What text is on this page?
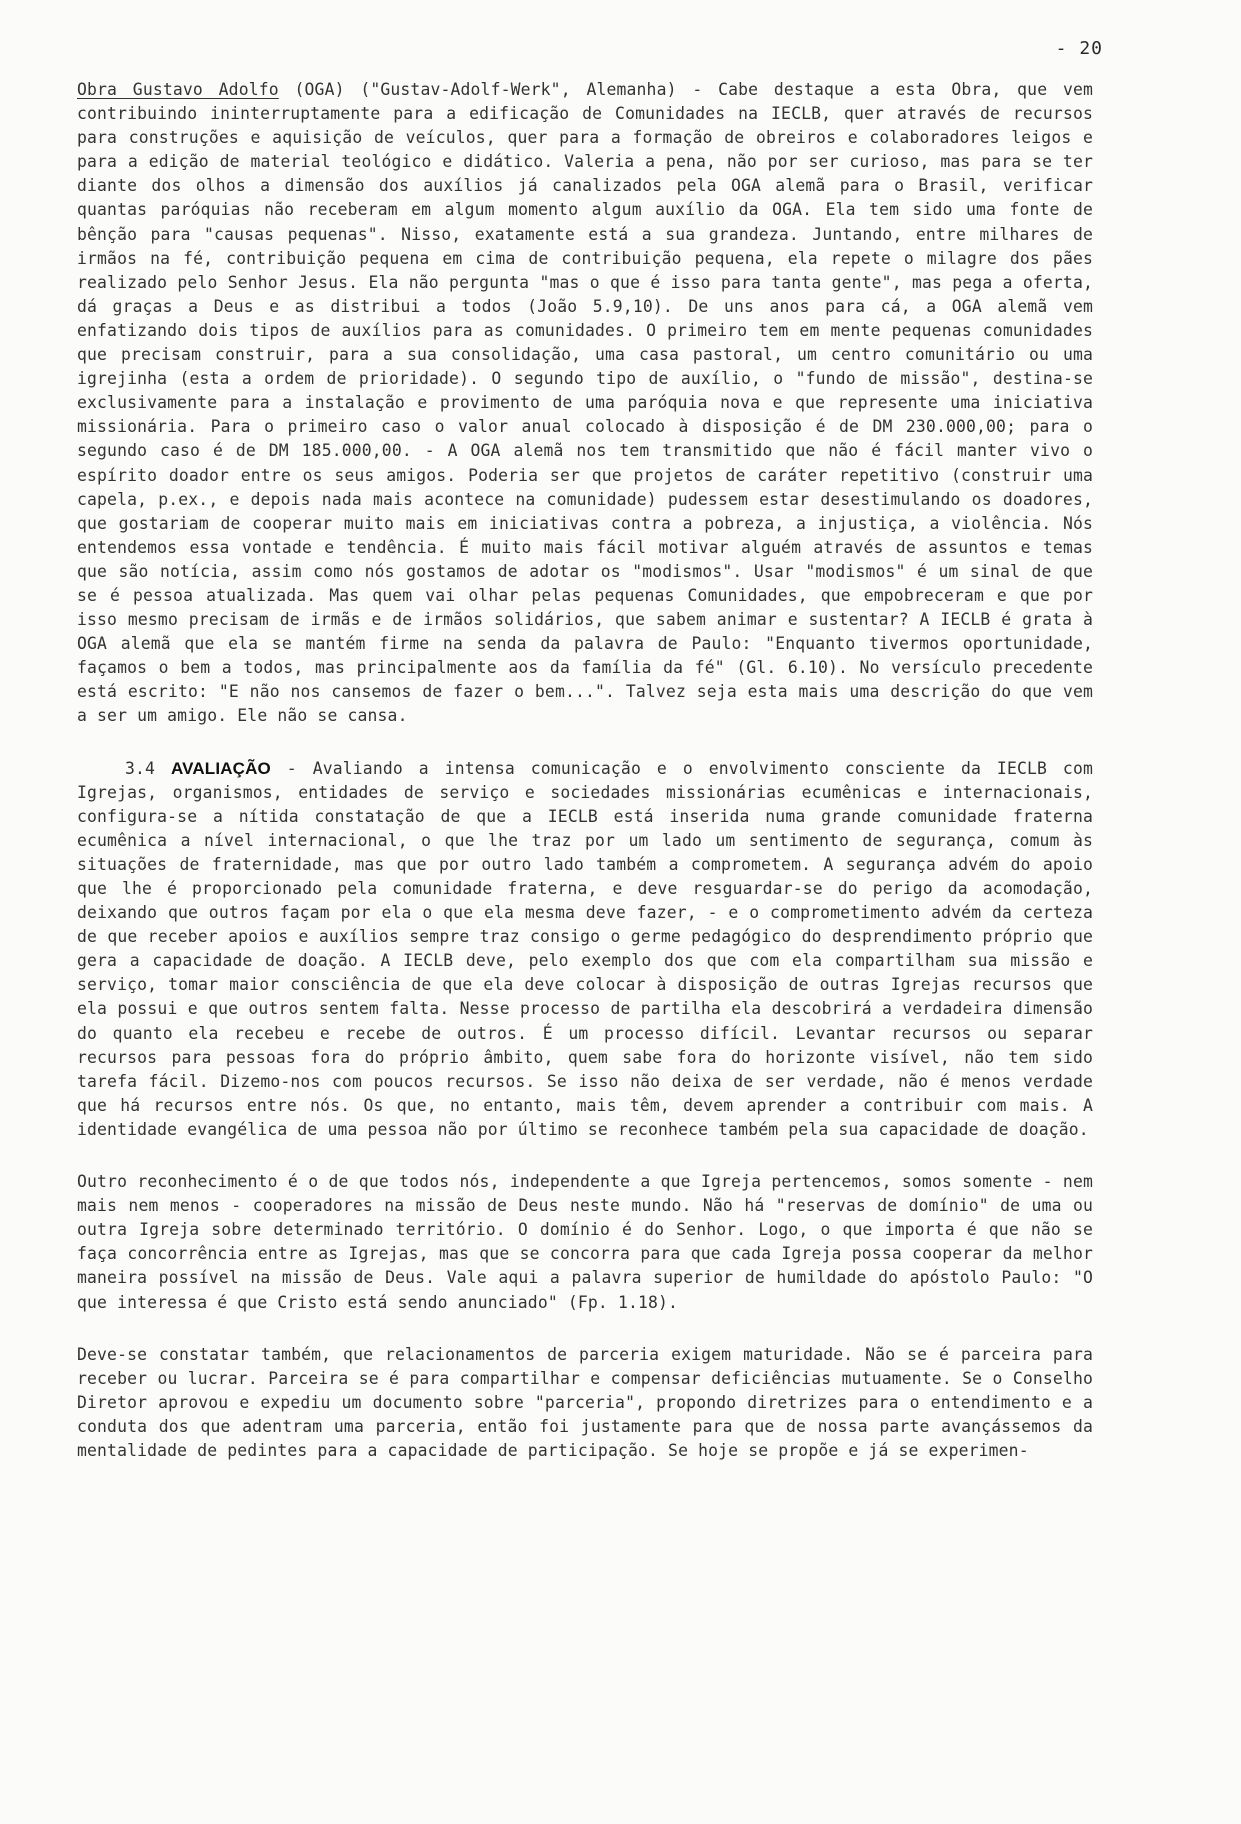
- 20

Obra Gustavo Adolfo (OGA) ("Gustav-Adolf-Werk", Alemanha) - Cabe destaque a esta Obra, que vem contribuindo ininterruptamente para a edificação de Comunidades na IECLB, quer através de recursos para construções e aquisição de veículos, quer para a formação de obreiros e colaboradores leigos e para a edição de material teológico e didático. Valeria a pena, não por ser curioso, mas para se ter diante dos olhos a dimensão dos auxílios já canalizados pela OGA alemã para o Brasil, verificar quantas paróquias não receberam em algum momento algum auxílio da OGA. Ela tem sido uma fonte de bênção para "causas pequenas". Nisso, exatamente está a sua grandeza. Juntando, entre milhares de irmãos na fé, contribuição pequena em cima de contribuição pequena, ela repete o milagre dos pães realizado pelo Senhor Jesus. Ela não pergunta "mas o que é isso para tanta gente", mas pega a oferta, dá graças a Deus e as distribui a todos (João 5.9,10). De uns anos para cá, a OGA alemã vem enfatizando dois tipos de auxílios para as comunidades. O primeiro tem em mente pequenas comunidades que precisam construir, para a sua consolidação, uma casa pastoral, um centro comunitário ou uma igrejinha (esta a ordem de prioridade). O segundo tipo de auxílio, o "fundo de missão", destina-se exclusivamente para a instalação e provimento de uma paróquia nova e que represente uma iniciativa missionária. Para o primeiro caso o valor anual colocado à disposição é de DM 230.000,00; para o segundo caso é de DM 185.000,00. - A OGA alemã nos tem transmitido que não é fácil manter vivo o espírito doador entre os seus amigos. Poderia ser que projetos de caráter repetitivo (construir uma capela, p.ex., e depois nada mais acontece na comunidade) pudessem estar desestimulando os doadores, que gostariam de cooperar muito mais em iniciativas contra a pobreza, a injustiça, a violência. Nós entendemos essa vontade e tendência. É muito mais fácil motivar alguém através de assuntos e temas que são notícia, assim como nós gostamos de adotar os "modismos". Usar "modismos" é um sinal de que se é pessoa atualizada. Mas quem vai olhar pelas pequenas Comunidades, que empobreceram e que por isso mesmo precisam de irmãs e de irmãos solidários, que sabem animar e sustentar? A IECLB é grata à OGA alemã que ela se mantém firme na senda da palavra de Paulo: "Enquanto tivermos oportunidade, façamos o bem a todos, mas principalmente aos da família da fé" (Gl. 6.10). No versículo precedente está escrito: "E não nos cansemos de fazer o bem...". Talvez seja esta mais uma descrição do que vem a ser um amigo. Ele não se cansa.

3.4 AVALIAÇÃO - Avaliando a intensa comunicação e o envolvimento consciente da IECLB com Igrejas, organismos, entidades de serviço e sociedades missionárias ecumênicas e internacionais, configura-se a nítida constatação de que a IECLB está inserida numa grande comunidade fraterna ecumênica a nível internacional, o que lhe traz por um lado um sentimento de segurança, comum às situações de fraternidade, mas que por outro lado também a comprometem. A segurança advém do apoio que lhe é proporcionado pela comunidade fraterna, e deve resguardar-se do perigo da acomodação, deixando que outros façam por ela o que ela mesma deve fazer, - e o comprometimento advém da certeza de que receber apoios e auxílios sempre traz consigo o germe pedagógico do desprendimento próprio que gera a capacidade de doação. A IECLB deve, pelo exemplo dos que com ela compartilham sua missão e serviço, tomar maior consciência de que ela deve colocar à disposição de outras Igrejas recursos que ela possui e que outros sentem falta. Nesse processo de partilha ela descobrirá a verdadeira dimensão do quanto ela recebeu e recebe de outros. É um processo difícil. Levantar recursos ou separar recursos para pessoas fora do próprio âmbito, quem sabe fora do horizonte visível, não tem sido tarefa fácil. Dizemo-nos com poucos recursos. Se isso não deixa de ser verdade, não é menos verdade que há recursos entre nós. Os que, no entanto, mais têm, devem aprender a contribuir com mais. A identidade evangélica de uma pessoa não por último se reconhece também pela sua capacidade de doação.

Outro reconhecimento é o de que todos nós, independente a que Igreja pertencemos, somos somente - nem mais nem menos - cooperadores na missão de Deus neste mundo. Não há "reservas de domínio" de uma ou outra Igreja sobre determinado território. O domínio é do Senhor. Logo, o que importa é que não se faça concorrência entre as Igrejas, mas que se concorra para que cada Igreja possa cooperar da melhor maneira possível na missão de Deus. Vale aqui a palavra superior de humildade do apóstolo Paulo: "O que interessa é que Cristo está sendo anunciado" (Fp. 1.18).

Deve-se constatar também, que relacionamentos de parceria exigem maturidade. Não se é parceira para receber ou lucrar. Parceira se é para compartilhar e compensar deficiências mutuamente. Se o Conselho Diretor aprovou e expediu um documento sobre "parceria", propondo diretrizes para o entendimento e a conduta dos que adentram uma parceria, então foi justamente para que de nossa parte avançássemos da mentalidade de pedintes para a capacidade de participação. Se hoje se propõe e já se experimen-
